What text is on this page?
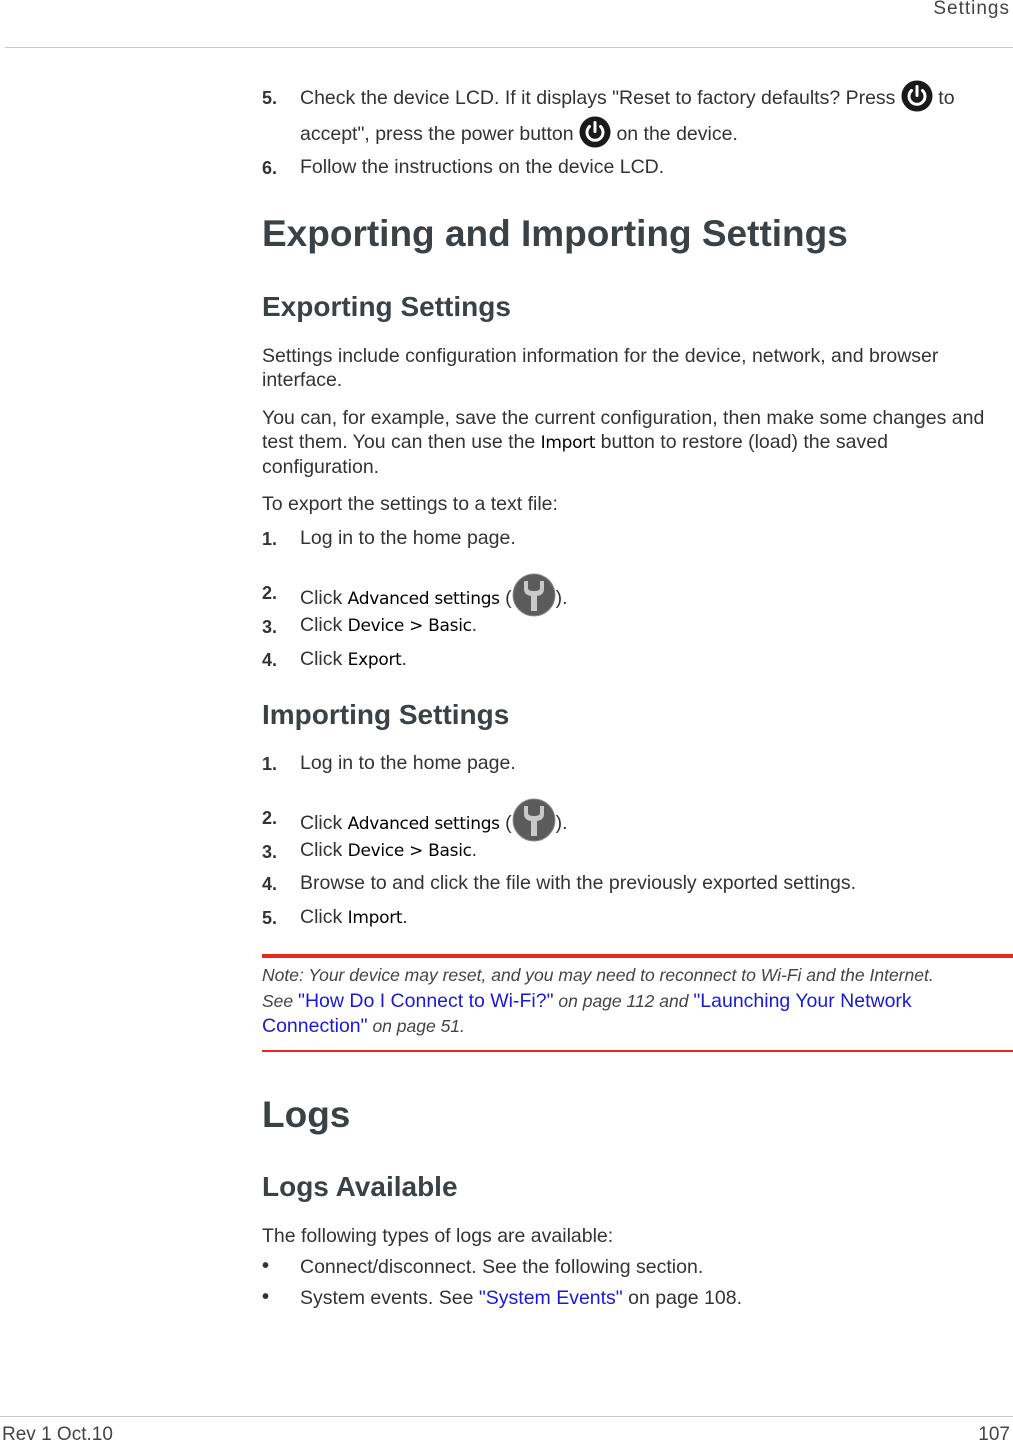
Settings
Rev 1 Oct.10	107
5. Check the device LCD. If it displays "Reset to factory defaults? Press to
accept", press the power button on the device.
6. Follow the instructions on the device LCD.
Exporting and Importing Settings
Exporting Settings
Settings include configuration information for the device, network, and browser interface.
You can, for example, save the current configuration, then make some changes and test them. You can then use the Import button to restore (load) the saved configuration.
To export the settings to a text file:
1. Log in to the home page.
2. Click Advanced settings ( ).
3. Click Device > Basic.
4. Click Export.
Importing Settings
1. Log in to the home page.
2. Click Advanced settings ( ).
3. Click Device > Basic.
4. Browse to and click the file with the previously exported settings.
5. Click Import.
Note: Your device may reset, and you may need to reconnect to Wi-Fi and the Internet.
See "How Do I Connect to Wi-Fi?" on page 112 and "Launching Your Network Connection" on page 51.
Logs
Logs Available
The following types of logs are available:
• Connect/disconnect. See the following section.
• System events. See "System Events" on page 108.
